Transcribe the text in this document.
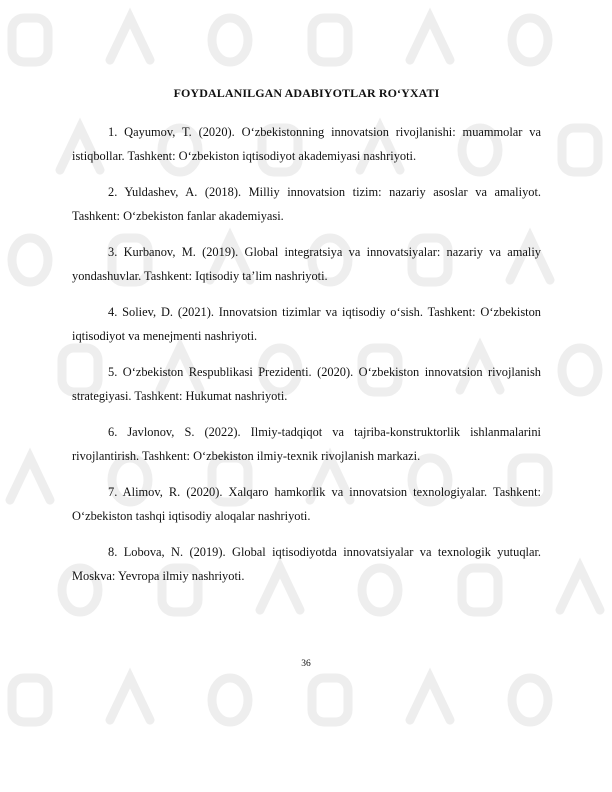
FOYDALANILGAN ADABIYOTLAR RO‘YXATI

1. Qayumov, T. (2020). O‘zbekistonning innovatsion rivojlanishi: muammolar va istiqbollar. Tashkent: O‘zbekiston iqtisodiyot akademiyasi nashriyoti.

2. Yuldashev, A. (2018). Milliy innovatsion tizim: nazariy asoslar va amaliyot. Tashkent: O‘zbekiston fanlar akademiyasi.

3. Kurbanov, M. (2019). Global integratsiya va innovatsiyalar: nazariy va amaliy yondashuvlar. Tashkent: Iqtisodiy ta’lim nashriyoti.

4. Soliev, D. (2021). Innovatsion tizimlar va iqtisodiy o‘sish. Tashkent: O‘zbekiston iqtisodiyot va menejmenti nashriyoti.

5. O‘zbekiston Respublikasi Prezidenti. (2020). O‘zbekiston innovatsion rivojlanish strategiyasi. Tashkent: Hukumat nashriyoti.

6. Javlonov, S. (2022). Ilmiy-tadqiqot va tajriba-konstruktorlik ishlanmalarini rivojlantirish. Tashkent: O‘zbekiston ilmiy-texnik rivojlanish markazi.

7. Alimov, R. (2020). Xalqaro hamkorlik va innovatsion texnologiyalar. Tashkent: O‘zbekiston tashqi iqtisodiy aloqalar nashriyoti.

8. Lobova, N. (2019). Global iqtisodiyotda innovatsiyalar va texnologik yutuqlar. Moskva: Yevropa ilmiy nashriyoti.

36
